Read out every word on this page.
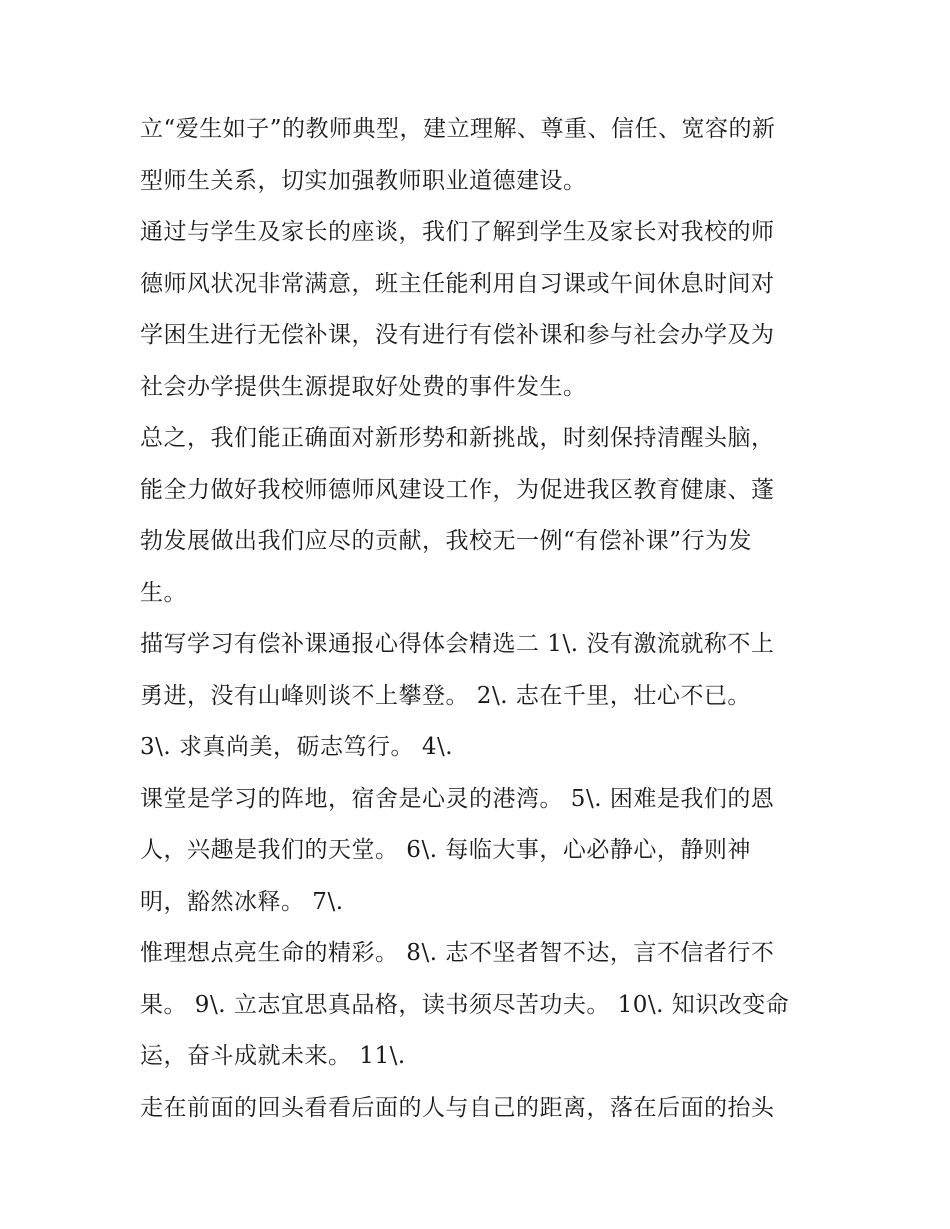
立“爱生如子”的教师典型，建立理解、尊重、信任、宽容的新
型师生关系，切实加强教师职业道德建设。

通过与学生及家长的座谈，我们了解到学生及家长对我校的师
德师风状况非常满意，班主任能利用自习课或午间休息时间对
学困生进行无偿补课，没有进行有偿补课和参与社会办学及为
社会办学提供生源提取好处费的事件发生。

总之，我们能正确面对新形势和新挑战，时刻保持清醒头脑，
能全力做好我校师德师风建设工作，为促进我区教育健康、蓬
勃发展做出我们应尽的贡献，我校无一例“有偿补课”行为发
生。

描写学习有偿补课通报心得体会精选二 1\. 没有激流就称不上
勇进，没有山峰则谈不上攀登。 2\. 志在千里，壮心不已。
3\. 求真尚美，砺志笃行。 4\.

课堂是学习的阵地，宿舍是心灵的港湾。 5\. 困难是我们的恩
人，兴趣是我们的天堂。 6\. 每临大事，心必静心，静则神
明，豁然冰释。 7\.

惟理想点亮生命的精彩。 8\. 志不坚者智不达，言不信者行不
果。 9\. 立志宜思真品格，读书须尽苦功夫。 10\. 知识改变命
运，奋斗成就未来。 11\.

走在前面的回头看看后面的人与自己的距离，落在后面的抬头
